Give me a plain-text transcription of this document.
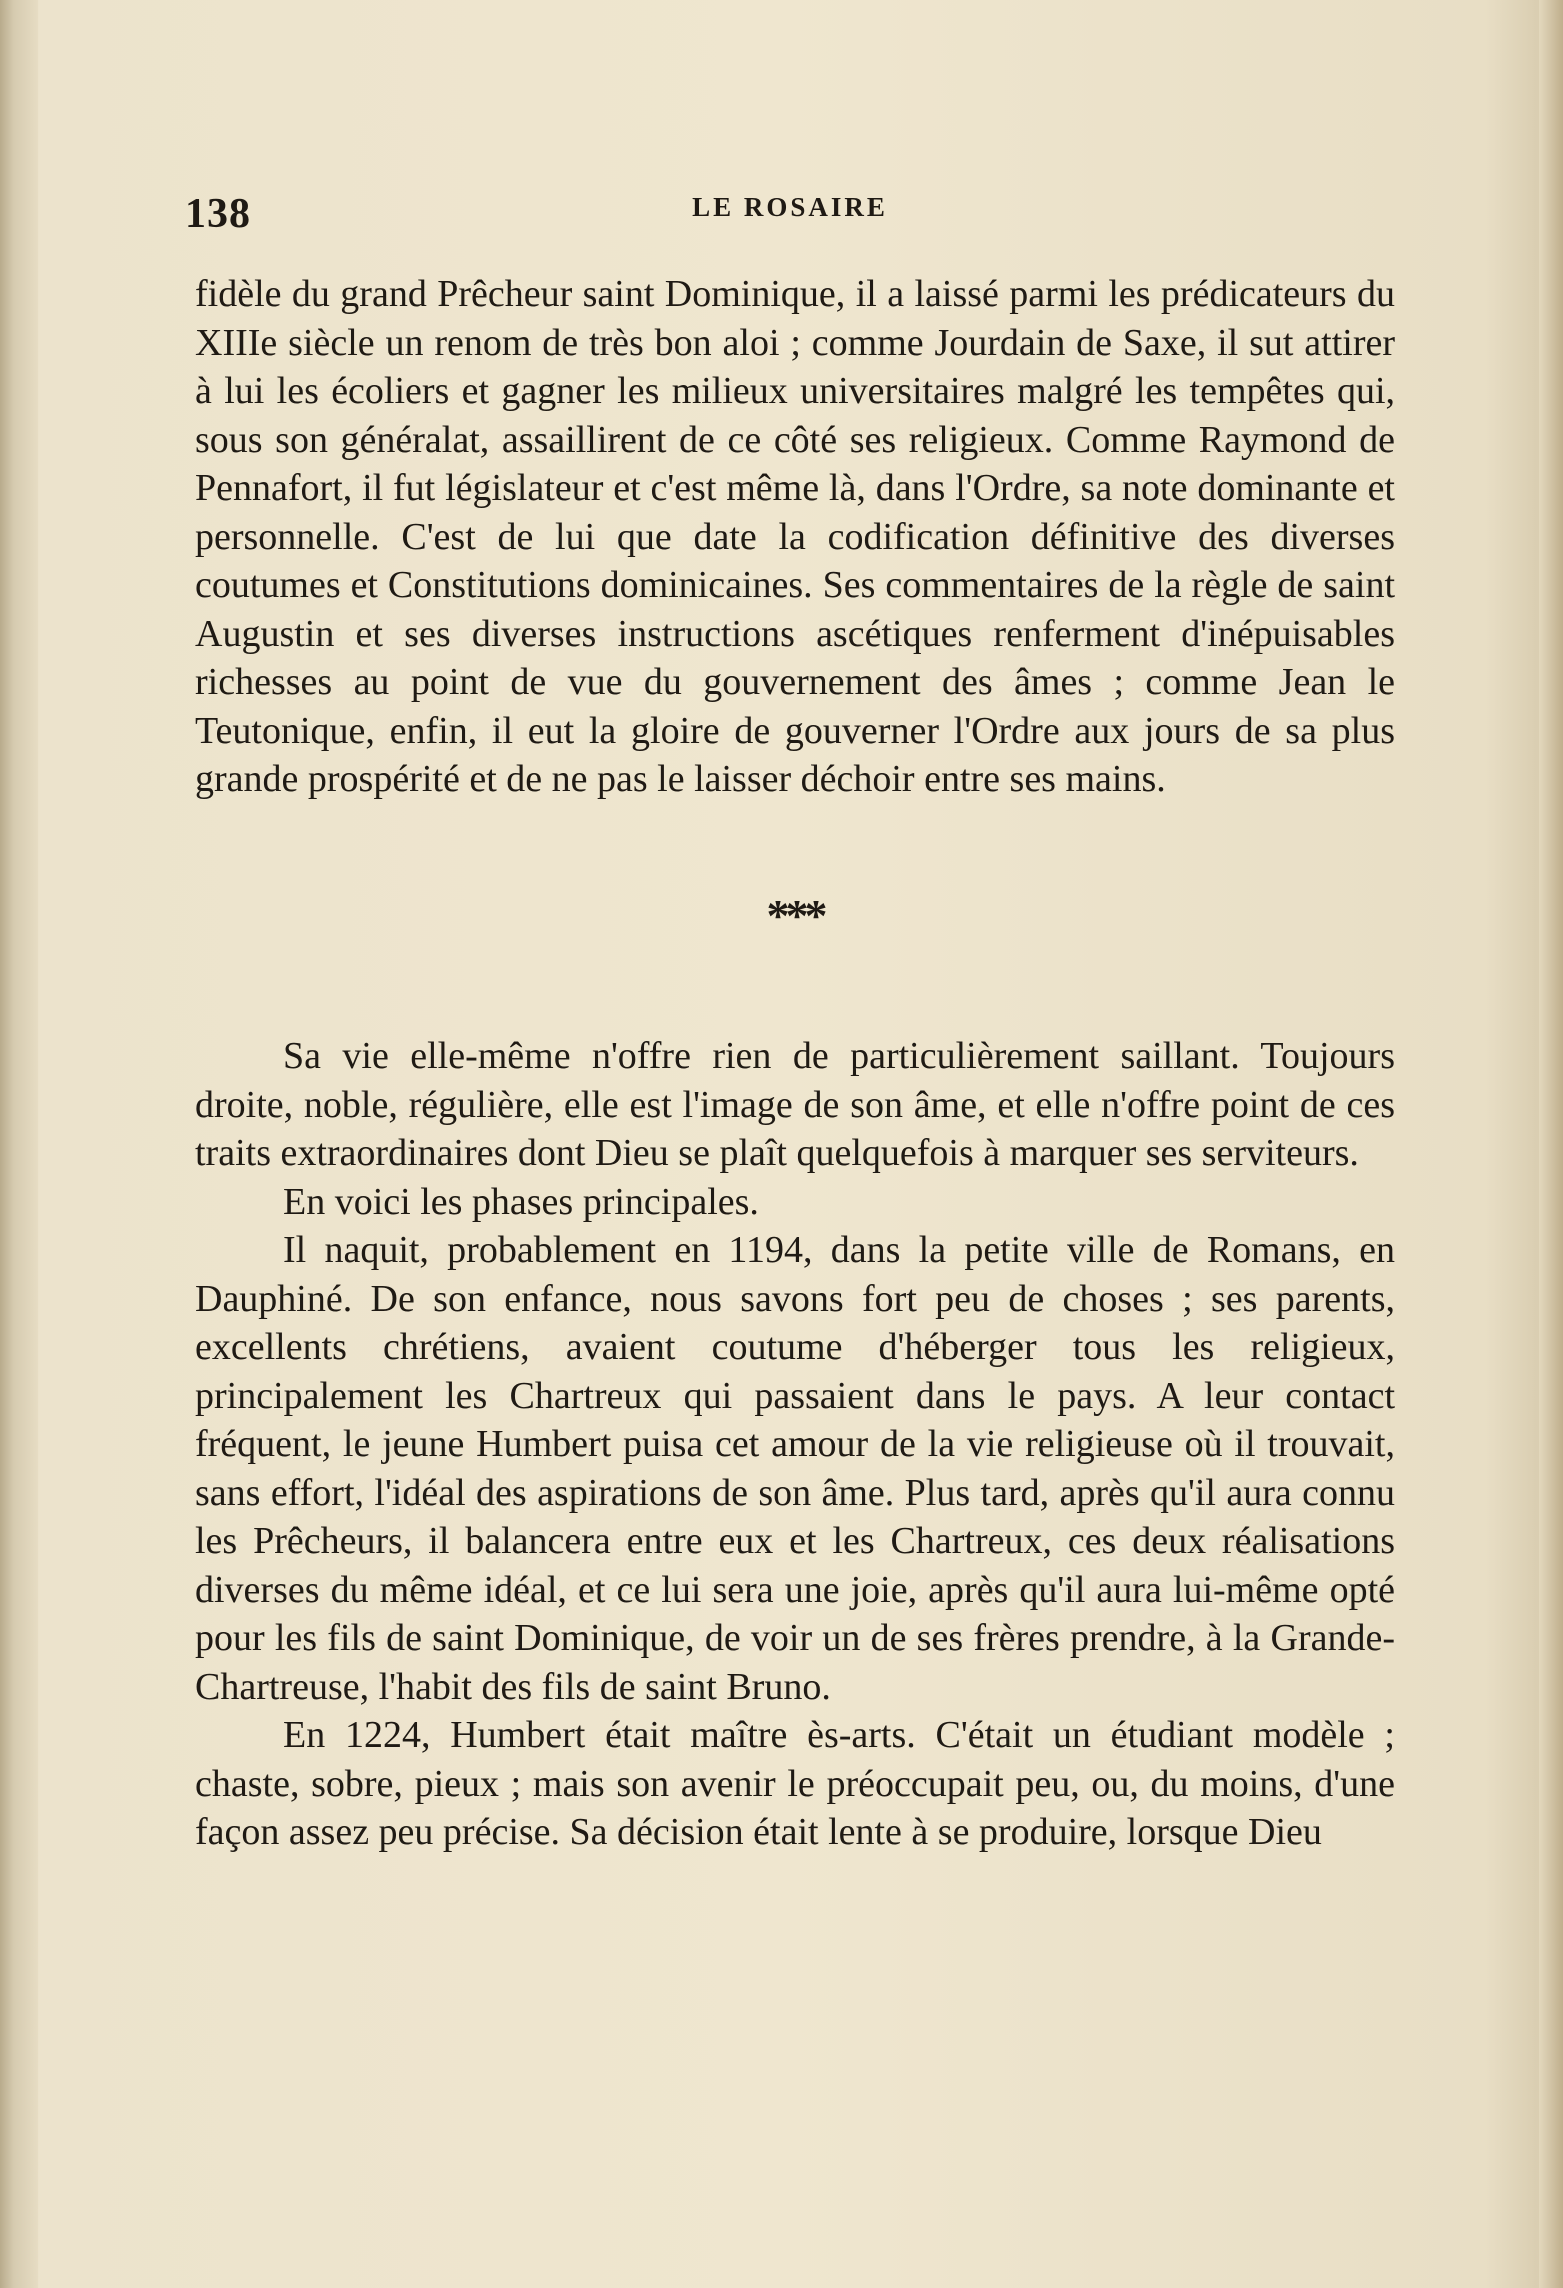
138	LE ROSAIRE

fidèle du grand Prêcheur saint Dominique, il a laissé parmi les prédicateurs du XIIIe siècle un renom de très bon aloi ; comme Jourdain de Saxe, il sut attirer à lui les écoliers et gagner les milieux universitaires malgré les tempêtes qui, sous son généralat, assaillirent de ce côté ses religieux. Comme Raymond de Pennafort, il fut législateur et c'est même là, dans l'Ordre, sa note dominante et personnelle. C'est de lui que date la codification définitive des diverses coutumes et Constitutions dominicaines. Ses commentaires de la règle de saint Augustin et ses diverses instructions ascétiques renferment d'inépuisables richesses au point de vue du gouvernement des âmes ; comme Jean le Teutonique, enfin, il eut la gloire de gouverner l'Ordre aux jours de sa plus grande prospérité et de ne pas le laisser déchoir entre ses mains.

***

Sa vie elle-même n'offre rien de particulièrement saillant. Toujours droite, noble, régulière, elle est l'image de son âme, et elle n'offre point de ces traits extraordinaires dont Dieu se plaît quelquefois à marquer ses serviteurs.

En voici les phases principales.

Il naquit, probablement en 1194, dans la petite ville de Romans, en Dauphiné. De son enfance, nous savons fort peu de choses ; ses parents, excellents chrétiens, avaient coutume d'héberger tous les religieux, principalement les Chartreux qui passaient dans le pays. A leur contact fréquent, le jeune Humbert puisa cet amour de la vie religieuse où il trouvait, sans effort, l'idéal des aspirations de son âme. Plus tard, après qu'il aura connu les Prêcheurs, il balancera entre eux et les Chartreux, ces deux réalisations diverses du même idéal, et ce lui sera une joie, après qu'il aura lui-même opté pour les fils de saint Dominique, de voir un de ses frères prendre, à la Grande-Chartreuse, l'habit des fils de saint Bruno.

En 1224, Humbert était maître ès-arts. C'était un étudiant modèle ; chaste, sobre, pieux ; mais son avenir le préoccupait peu, ou, du moins, d'une façon assez peu précise. Sa décision était lente à se produire, lorsque Dieu
